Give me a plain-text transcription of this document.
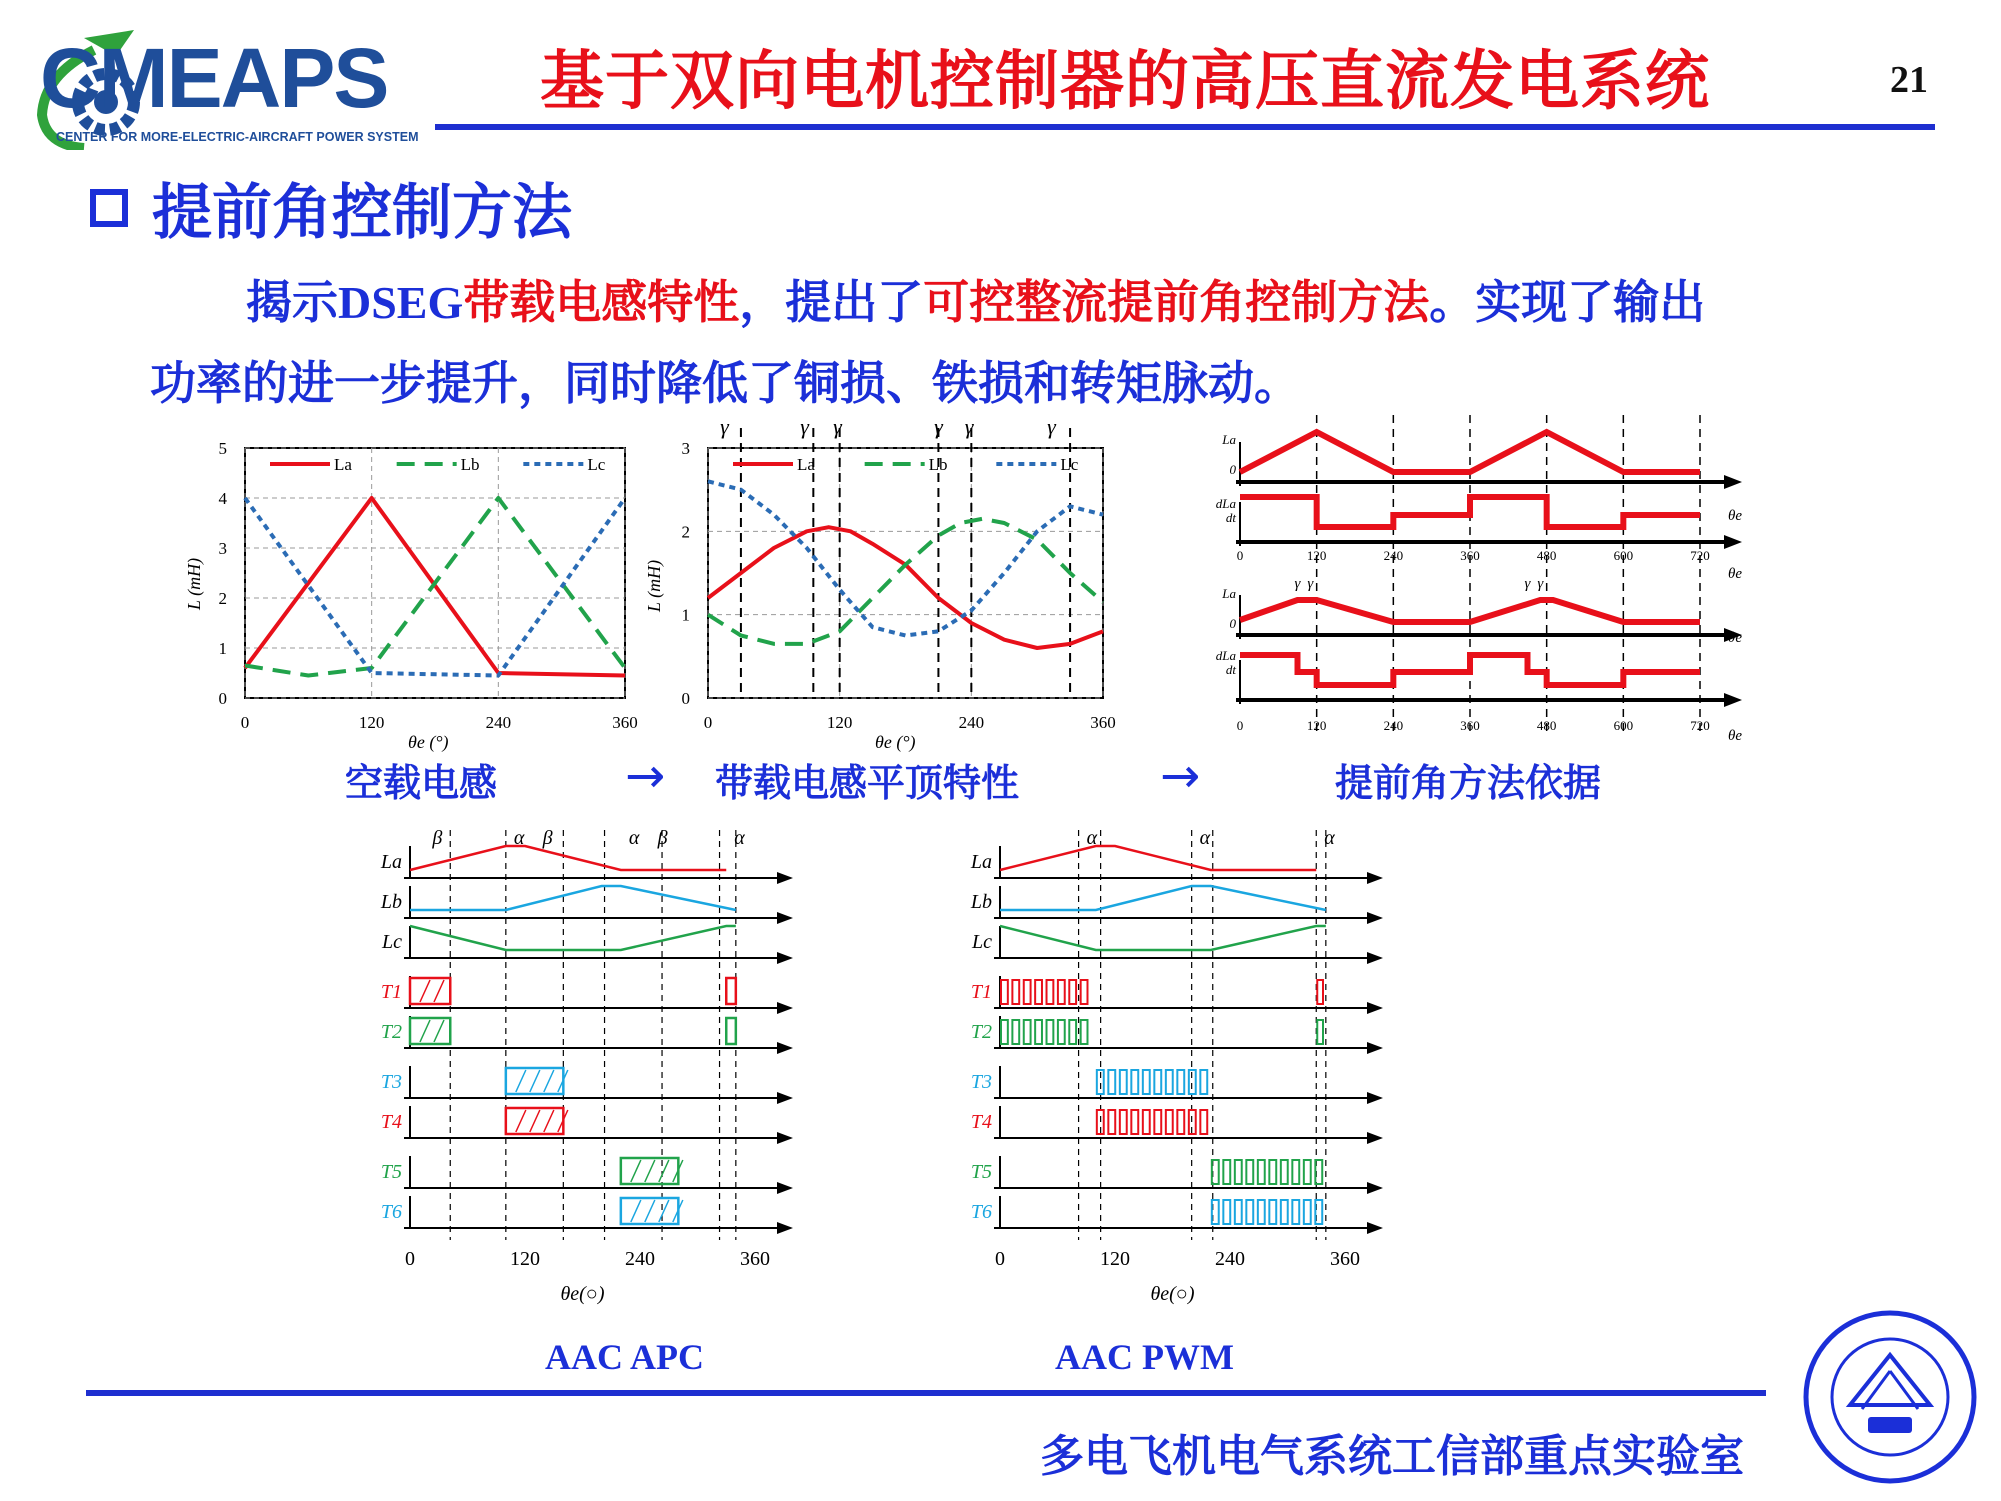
CMEAPS
CENTER FOR MORE-ELECTRIC-AIRCRAFT POWER SYSTEM
基于双向电机控制器的高压直流发电系统	21
提前角控制方法
揭示DSEG带载电感特性，提出了可控整流提前角控制方法。实现了输出
功率的进一步提升，同时降低了铜损、铁损和转矩脉动。
0
1
2
3
4
5
0	120	240	360
La	Lb	Lc
θe (°)
L (mH)
γ	γ γ	γ γ	γ
0
1
2
3
0	120	240	360
La	Lb	Lc
θe (°)
L (mH)
0
0
120
120
240
240
360
360
480
480
600
600
720
720
La
0
dLa
dt
La
0
dLa
dt
θe
θe
θe
θe
γ γ	γ γ
空载电感	→ 带载电感平顶特性	→	提前角方法依据
La
Lb
Lc
T1
T2
T3
T4
T5
T6
β	α β	α β	α
0	120	240	360
θe(○)
La
Lb
Lc
T1
T2
T3
T4
T5
T6
α	α	α
0	120	240	360
θe(○)
AAC APC	AAC PWM
多电飞机电气系统工信部重点实验室
